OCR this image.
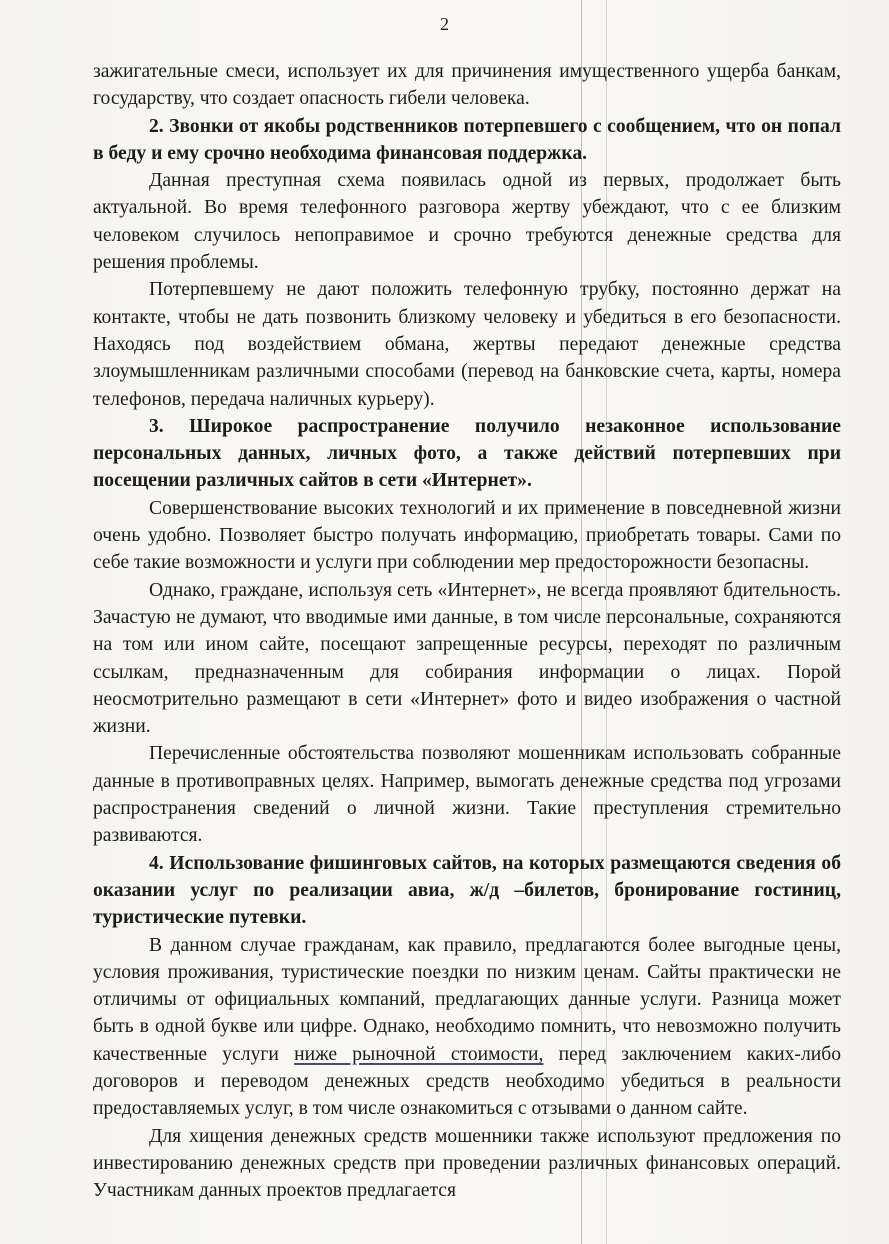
2

зажигательные смеси, использует их для причинения имущественного ущерба банкам, государству, что создает опасность гибели человека.

2. Звонки от якобы родственников потерпевшего с сообщением, что он попал в беду и ему срочно необходима финансовая поддержка.

Данная преступная схема появилась одной из первых, продолжает быть актуальной. Во время телефонного разговора жертву убеждают, что с ее близким человеком случилось непоправимое и срочно требуются денежные средства для решения проблемы.

Потерпевшему не дают положить телефонную трубку, постоянно держат на контакте, чтобы не дать позвонить близкому человеку и убедиться в его безопасности. Находясь под воздействием обмана, жертвы передают денежные средства злоумышленникам различными способами (перевод на банковские счета, карты, номера телефонов, передача наличных курьеру).

3. Широкое распространение получило незаконное использование персональных данных, личных фото, а также действий потерпевших при посещении различных сайтов в сети «Интернет».

Совершенствование высоких технологий и их применение в повседневной жизни очень удобно. Позволяет быстро получать информацию, приобретать товары. Сами по себе такие возможности и услуги при соблюдении мер предосторожности безопасны.

Однако, граждане, используя сеть «Интернет», не всегда проявляют бдительность. Зачастую не думают, что вводимые ими данные, в том числе персональные, сохраняются на том или ином сайте, посещают запрещенные ресурсы, переходят по различным ссылкам, предназначенным для собирания информации о лицах. Порой неосмотрительно размещают в сети «Интернет» фото и видео изображения о частной жизни.

Перечисленные обстоятельства позволяют мошенникам использовать собранные данные в противоправных целях. Например, вымогать денежные средства под угрозами распространения сведений о личной жизни. Такие преступления стремительно развиваются.

4. Использование фишинговых сайтов, на которых размещаются сведения об оказании услуг по реализации авиа, ж/д –билетов, бронирование гостиниц, туристические путевки.

В данном случае гражданам, как правило, предлагаются более выгодные цены, условия проживания, туристические поездки по низким ценам. Сайты практически не отличимы от официальных компаний, предлагающих данные услуги. Разница может быть в одной букве или цифре. Однако, необходимо помнить, что невозможно получить качественные услуги ниже рыночной стоимости, перед заключением каких-либо договоров и переводом денежных средств необходимо убедиться в реальности предоставляемых услуг, в том числе ознакомиться с отзывами о данном сайте.

Для хищения денежных средств мошенники также используют предложения по инвестированию денежных средств при проведении различных финансовых операций. Участникам данных проектов предлагается
